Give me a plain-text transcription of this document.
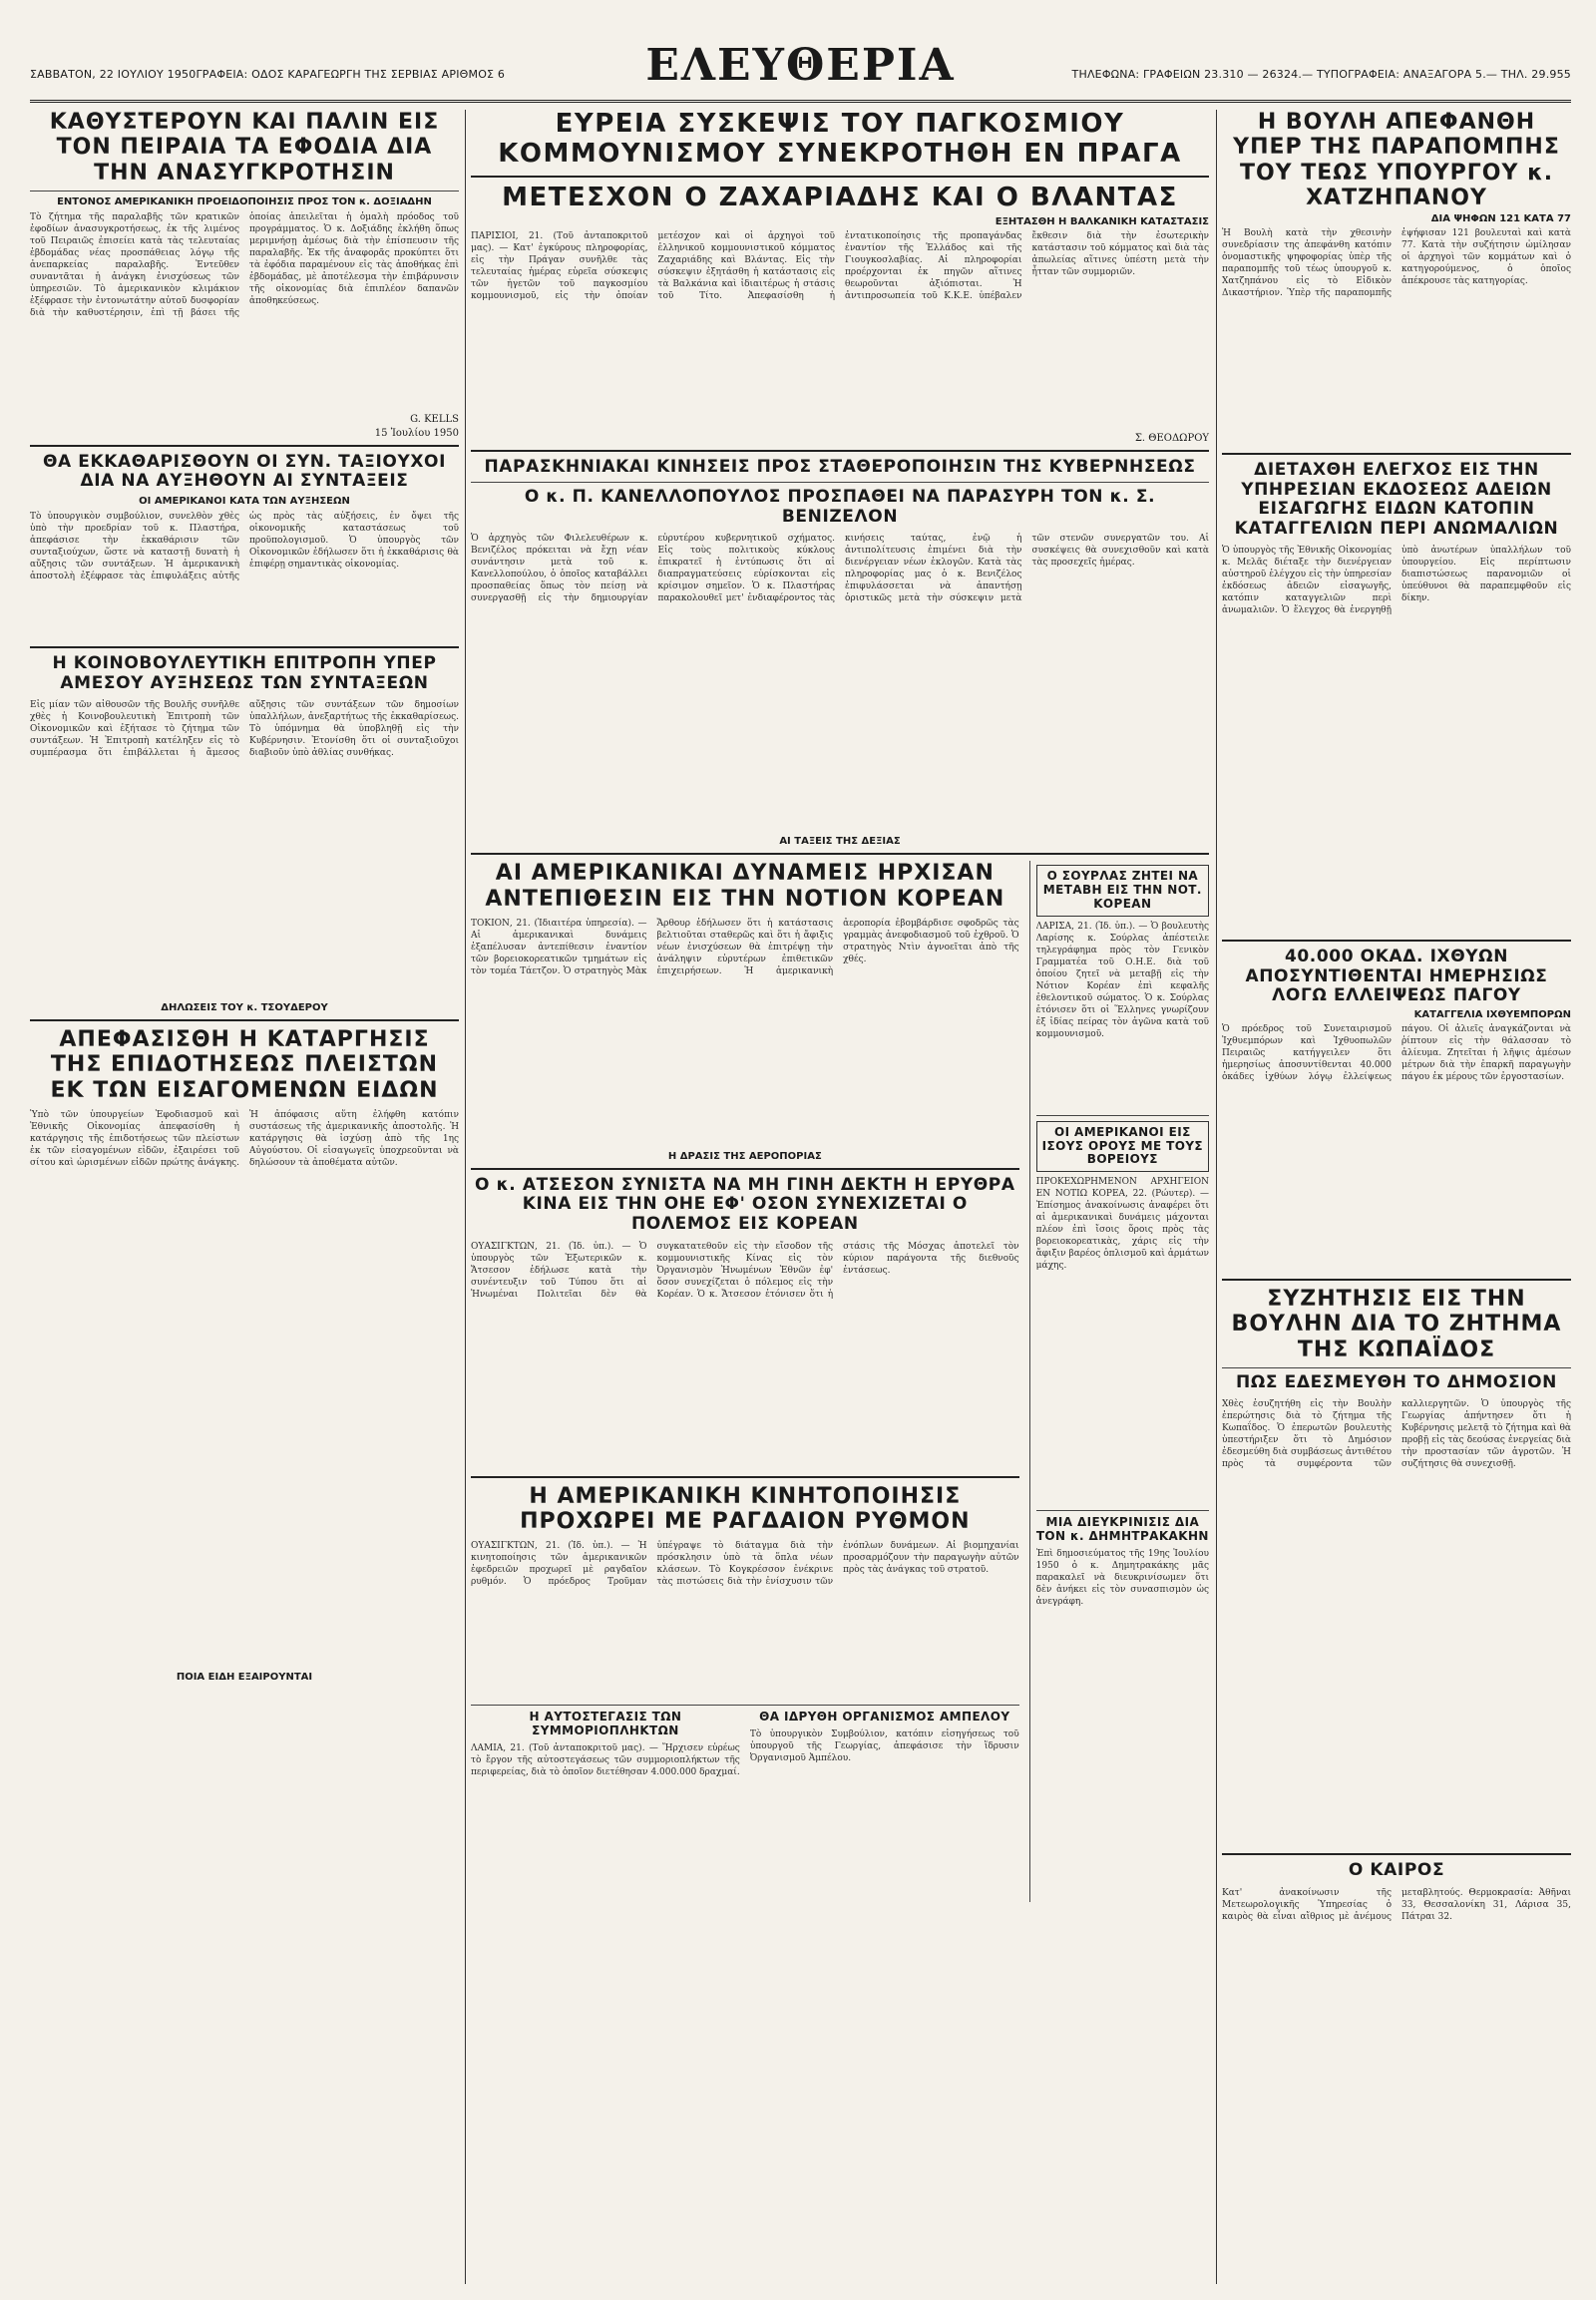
ΣΑΒΒΑΤΟΝ, 22 ΙΟΥΛΙΟΥ 1950ΓΡΑΦΕΙΑ: ΟΔΟΣ ΚΑΡΑΓΕΩΡΓΗ ΤΗΣ ΣΕΡΒΙΑΣ ΑΡΙΘΜΟΣ 6	ΕΛΕΥΘΕΡΙΑ	ΤΗΛΕΦΩΝΑ: ΓΡΑΦΕΙΩΝ 23.310 — 26324.— ΤΥΠΟΓΡΑΦΕΙΑ: ΑΝΑΞΑΓΟΡΑ 5.— ΤΗΛ. 29.955
ΚΑΘΥΣΤΕΡΟΥΝ ΚΑΙ ΠΑΛΙΝ ΕΙΣ ΤΟΝ ΠΕΙΡΑΙΑ ΤΑ ΕΦΟΔΙΑ ΔΙΑ ΤΗΝ ΑΝΑΣΥΓΚΡΟΤΗΣΙΝ
ΕΝΤΟΝΟΣ ΑΜΕΡΙΚΑΝΙΚΗ ΠΡΟΕΙΔΟΠΟΙΗΣΙΣ ΠΡΟΣ ΤΟΝ κ. ΔΟΞΙΑΔΗΝ
Τὸ ζήτημα τῆς παραλαβῆς τῶν κρατικῶν ἐφοδίων ἀνασυγκροτήσεως, ἐκ τῆς λιμένος τοῦ Πειραιῶς ἐπισείει κατὰ τὰς τελευταίας ἐβδομάδας νέας προσπάθειας λόγῳ τῆς ἀνεπαρκείας παραλαβῆς. Ἐντεῦθεν συναντᾶται ἡ ἀνάγκη ἐνισχύσεως τῶν ὑπηρεσιῶν. Τὸ ἀμερικανικὸν κλιμάκιον ἐξέφρασε τὴν ἐντονωτάτην αὐτοῦ δυσφορίαν διὰ τὴν καθυστέρησιν, ἐπὶ τῇ βάσει τῆς ὁποίας ἀπειλεῖται ἡ ὁμαλὴ πρόοδος τοῦ προγράμματος. Ὁ κ. Δοξιάδης ἐκλήθη ὅπως μεριμνήσῃ ἀμέσως διὰ τὴν ἐπίσπευσιν τῆς παραλαβῆς. Ἐκ τῆς ἀναφορᾶς προκύπτει ὅτι τὰ ἐφόδια παραμένουν εἰς τὰς ἀποθήκας ἐπὶ ἑβδομάδας, μὲ ἀποτέλεσμα τὴν ἐπιβάρυνσιν τῆς οἰκονομίας διὰ ἐπιπλέον δαπανῶν ἀποθηκεύσεως.
G. KELLS
15 Ἰουλίου 1950
ΘΑ ΕΚΚΑΘΑΡΙΣΘΟΥΝ ΟΙ ΣΥΝ. ΤΑΞΙΟΥΧΟΙ ΔΙΑ ΝΑ ΑΥΞΗΘΟΥΝ ΑΙ ΣΥΝΤΑΞΕΙΣ
ΟΙ ΑΜΕΡΙΚΑΝΟΙ ΚΑΤΑ ΤΩΝ ΑΥΞΗΣΕΩΝ
Τὸ ὑπουργικὸν συμβούλιον, συνελθὸν χθὲς ὑπὸ τὴν προεδρίαν τοῦ κ. Πλαστήρα, ἀπεφάσισε τὴν ἐκκαθάρισιν τῶν συνταξιούχων, ὥστε νὰ καταστῇ δυνατὴ ἡ αὔξησις τῶν συντάξεων. Ἡ ἀμερικανικὴ ἀποστολὴ ἐξέφρασε τὰς ἐπιφυλάξεις αὐτῆς ὡς πρὸς τὰς αὐξήσεις, ἐν ὄψει τῆς οἰκονομικῆς καταστάσεως τοῦ προϋπολογισμοῦ. Ὁ ὑπουργὸς τῶν Οἰκονομικῶν ἐδήλωσεν ὅτι ἡ ἐκκαθάρισις θὰ ἐπιφέρῃ σημαντικὰς οἰκονομίας.
Η ΚΟΙΝΟΒΟΥΛΕΥΤΙΚΗ ΕΠΙΤΡΟΠΗ ΥΠΕΡ ΑΜΕΣΟΥ ΑΥΞΗΣΕΩΣ ΤΩΝ ΣΥΝΤΑΞΕΩΝ
Εἰς μίαν τῶν αἰθουσῶν τῆς Βουλῆς συνῆλθε χθὲς ἡ Κοινοβουλευτικὴ Ἐπιτροπὴ τῶν Οἰκονομικῶν καὶ ἐξήτασε τὸ ζήτημα τῶν συντάξεων. Ἡ Ἐπιτροπὴ κατέληξεν εἰς τὸ συμπέρασμα ὅτι ἐπιβάλλεται ἡ ἄμεσος αὔξησις τῶν συντάξεων τῶν δημοσίων ὑπαλλήλων, ἀνεξαρτήτως τῆς ἐκκαθαρίσεως. Τὸ ὑπόμνημα θὰ ὑποβληθῇ εἰς τὴν Κυβέρνησιν. Ἐτονίσθη ὅτι οἱ συνταξιοῦχοι διαβιοῦν ὑπὸ ἀθλίας συνθήκας.
ΔΗΛΩΣΕΙΣ ΤΟΥ κ. ΤΣΟΥΔΕΡΟΥ
ΑΠΕΦΑΣΙΣΘΗ Η ΚΑΤΑΡΓΗΣΙΣ ΤΗΣ ΕΠΙΔΟΤΗΣΕΩΣ ΠΛΕΙΣΤΩΝ ΕΚ ΤΩΝ ΕΙΣΑΓΟΜΕΝΩΝ ΕΙΔΩΝ
Ὑπὸ τῶν ὑπουργείων Ἐφοδιασμοῦ καὶ Ἐθνικῆς Οἰκονομίας ἀπεφασίσθη ἡ κατάργησις τῆς ἐπιδοτήσεως τῶν πλείστων ἐκ τῶν εἰσαγομένων εἰδῶν, ἐξαιρέσει τοῦ σίτου καὶ ὡρισμένων εἰδῶν πρώτης ἀνάγκης. Ἡ ἀπόφασις αὕτη ἐλήφθη κατόπιν συστάσεως τῆς ἀμερικανικῆς ἀποστολῆς. Ἡ κατάργησις θὰ ἰσχύσῃ ἀπὸ τῆς 1ης Αὐγούστου. Οἱ εἰσαγωγεῖς ὑποχρεοῦνται νὰ δηλώσουν τὰ ἀποθέματα αὐτῶν.
ΠΟΙΑ ΕΙΔΗ ΕΞΑΙΡΟΥΝΤΑΙ
ΕΥΡΕΙΑ ΣΥΣΚΕΨΙΣ ΤΟΥ ΠΑΓΚΟΣΜΙΟΥ ΚΟΜΜΟΥΝΙΣΜΟΥ ΣΥΝΕΚΡΟΤΗΘΗ ΕΝ ΠΡΑΓΑ
ΜΕΤΕΣΧΟΝ Ο ΖΑΧΑΡΙΑΔΗΣ ΚΑΙ Ο ΒΛΑΝΤΑΣ
ΕΞΗΤΑΣΘΗ Η ΒΑΛΚΑΝΙΚΗ ΚΑΤΑΣΤΑΣΙΣ
ΠΑΡΙΣΙΟΙ, 21. (Τοῦ ἀνταποκριτοῦ μας). — Κατ' ἐγκύρους πληροφορίας, εἰς τὴν Πράγαν συνῆλθε τὰς τελευταίας ἡμέρας εὐρεῖα σύσκεψις τῶν ἡγετῶν τοῦ παγκοσμίου κομμουνισμοῦ, εἰς τὴν ὁποίαν μετέσχον καὶ οἱ ἀρχηγοὶ τοῦ ἑλληνικοῦ κομμουνιστικοῦ κόμματος Ζαχαριάδης καὶ Βλάντας. Εἰς τὴν σύσκεψιν ἐξητάσθη ἡ κατάστασις εἰς τὰ Βαλκάνια καὶ ἰδιαιτέρως ἡ στάσις τοῦ Τίτο. Ἀπεφασίσθη ἡ ἐντατικοποίησις τῆς προπαγάνδας ἐναντίον τῆς Ἑλλάδος καὶ τῆς Γιουγκοσλαβίας. Αἱ πληροφορίαι προέρχονται ἐκ πηγῶν αἵτινες θεωροῦνται ἀξιόπισται. Ἡ ἀντιπροσωπεία τοῦ Κ.Κ.Ε. ὑπέβαλεν ἔκθεσιν διὰ τὴν ἐσωτερικὴν κατάστασιν τοῦ κόμματος καὶ διὰ τὰς ἀπωλείας αἵτινες ὑπέστη μετὰ τὴν ἧτταν τῶν συμμοριῶν.
Σ. ΘΕΟΔΩΡΟΥ
ΠΑΡΑΣΚΗΝΙΑΚΑΙ ΚΙΝΗΣΕΙΣ ΠΡΟΣ ΣΤΑΘΕΡΟΠΟΙΗΣΙΝ ΤΗΣ ΚΥΒΕΡΝΗΣΕΩΣ
Ο κ. Π. ΚΑΝΕΛΛΟΠΟΥΛΟΣ ΠΡΟΣΠΑΘΕΙ ΝΑ ΠΑΡΑΣΥΡΗ ΤΟΝ κ. Σ. ΒΕΝΙΖΕΛΟΝ
Ὁ ἀρχηγὸς τῶν Φιλελευθέρων κ. Βενιζέλος πρόκειται νὰ ἔχῃ νέαν συνάντησιν μετὰ τοῦ κ. Κανελλοπούλου, ὁ ὁποῖος καταβάλλει προσπαθείας ὅπως τὸν πείσῃ νὰ συνεργασθῇ εἰς τὴν δημιουργίαν εὐρυτέρου κυβερνητικοῦ σχήματος. Εἰς τοὺς πολιτικοὺς κύκλους ἐπικρατεῖ ἡ ἐντύπωσις ὅτι αἱ διαπραγματεύσεις εὑρίσκονται εἰς κρίσιμον σημεῖον. Ὁ κ. Πλαστήρας παρακολουθεῖ μετ' ἐνδιαφέροντος τὰς κινήσεις ταύτας, ἐνῷ ἡ ἀντιπολίτευσις ἐπιμένει διὰ τὴν διενέργειαν νέων ἐκλογῶν. Κατὰ τὰς πληροφορίας μας ὁ κ. Βενιζέλος ἐπιφυλάσσεται νὰ ἀπαντήσῃ ὁριστικῶς μετὰ τὴν σύσκεψιν μετὰ τῶν στενῶν συνεργατῶν του. Αἱ συσκέψεις θὰ συνεχισθοῦν καὶ κατὰ τὰς προσεχεῖς ἡμέρας.
ΑΙ ΤΑΞΕΙΣ ΤΗΣ ΔΕΞΙΑΣ
ΑΙ ΑΜΕΡΙΚΑΝΙΚΑΙ ΔΥΝΑΜΕΙΣ ΗΡΧΙΣΑΝ ΑΝΤΕΠΙΘΕΣΙΝ ΕΙΣ ΤΗΝ ΝΟΤΙΟΝ ΚΟΡΕΑΝ
ΤΟΚΙΟΝ, 21. (Ἰδιαιτέρα ὑπηρεσία). — Αἱ ἀμερικανικαὶ δυνάμεις ἐξαπέλυσαν ἀντεπίθεσιν ἐναντίον τῶν βορειοκορεατικῶν τμημάτων εἰς τὸν τομέα Τάετζον. Ὁ στρατηγὸς Μὰκ Ἄρθουρ ἐδήλωσεν ὅτι ἡ κατάστασις βελτιοῦται σταθερῶς καὶ ὅτι ἡ ἄφιξις νέων ἐνισχύσεων θὰ ἐπιτρέψῃ τὴν ἀνάληψιν εὐρυτέρων ἐπιθετικῶν ἐπιχειρήσεων. Ἡ ἀμερικανικὴ ἀεροπορία ἐβομβάρδισε σφοδρῶς τὰς γραμμὰς ἀνεφοδιασμοῦ τοῦ ἐχθροῦ. Ὁ στρατηγὸς Ντὶν ἀγνοεῖται ἀπὸ τῆς χθές.
Η ΔΡΑΣΙΣ ΤΗΣ ΑΕΡΟΠΟΡΙΑΣ
Ο κ. ΑΤΣΕΣΟΝ ΣΥΝΙΣΤΑ ΝΑ ΜΗ ΓΙΝΗ ΔΕΚΤΗ Η ΕΡΥΘΡΑ ΚΙΝΑ ΕΙΣ ΤΗΝ ΟΗΕ ΕΦ' ΟΣΟΝ ΣΥΝΕΧΙΖΕΤΑΙ Ο ΠΟΛΕΜΟΣ ΕΙΣ ΚΟΡΕΑΝ
ΟΥΑΣΙΓΚΤΩΝ, 21. (Ἰδ. ὑπ.). — Ὁ ὑπουργὸς τῶν Ἐξωτερικῶν κ. Ἄτσεσον ἐδήλωσε κατὰ τὴν συνέντευξιν τοῦ Τύπου ὅτι αἱ Ἡνωμέναι Πολιτεῖαι δὲν θὰ συγκατατεθοῦν εἰς τὴν εἴσοδον τῆς κομμουνιστικῆς Κίνας εἰς τὸν Ὀργανισμὸν Ἡνωμένων Ἐθνῶν ἐφ' ὅσον συνεχίζεται ὁ πόλεμος εἰς τὴν Κορέαν. Ὁ κ. Ἄτσεσον ἐτόνισεν ὅτι ἡ στάσις τῆς Μόσχας ἀποτελεῖ τὸν κύριον παράγοντα τῆς διεθνοῦς ἐντάσεως.
Η ΑΜΕΡΙΚΑΝΙΚΗ ΚΙΝΗΤΟΠΟΙΗΣΙΣ ΠΡΟΧΩΡΕΙ ΜΕ ΡΑΓΔΑΙΟΝ ΡΥΘΜΟΝ
ΟΥΑΣΙΓΚΤΩΝ, 21. (Ἰδ. ὑπ.). — Ἡ κινητοποίησις τῶν ἀμερικανικῶν ἐφεδρειῶν προχωρεῖ μὲ ραγδαῖον ρυθμόν. Ὁ πρόεδρος Τροῦμαν ὑπέγραψε τὸ διάταγμα διὰ τὴν πρόσκλησιν ὑπὸ τὰ ὅπλα νέων κλάσεων. Τὸ Κογκρέσσον ἐνέκρινε τὰς πιστώσεις διὰ τὴν ἐνίσχυσιν τῶν ἐνόπλων δυνάμεων. Αἱ βιομηχανίαι προσαρμόζουν τὴν παραγωγὴν αὐτῶν πρὸς τὰς ἀνάγκας τοῦ στρατοῦ.
Η ΑΥΤΟΣΤΕΓΑΣΙΣ ΤΩΝ ΣΥΜΜΟΡΙΟΠΛΗΚΤΩΝ
ΛΑΜΙΑ, 21. (Τοῦ ἀνταποκριτοῦ μας). — Ἤρχισεν εὐρέως τὸ ἔργον τῆς αὐτοστεγάσεως τῶν συμμοριοπλήκτων τῆς περιφερείας, διὰ τὸ ὁποῖον διετέθησαν 4.000.000 δραχμαί.
ΘΑ ΙΔΡΥΘΗ ΟΡΓΑΝΙΣΜΟΣ ΑΜΠΕΛΟΥ
Τὸ ὑπουργικὸν Συμβούλιον, κατόπιν εἰσηγήσεως τοῦ ὑπουργοῦ τῆς Γεωργίας, ἀπεφάσισε τὴν ἵδρυσιν Ὀργανισμοῦ Ἀμπέλου.
Ο ΣΟΥΡΛΑΣ ΖΗΤΕΙ ΝΑ ΜΕΤΑΒΗ ΕΙΣ ΤΗΝ ΝΟΤ. ΚΟΡΕΑΝ
ΛΑΡΙΣΑ, 21. (Ἰδ. ὑπ.). — Ὁ βουλευτὴς Λαρίσης κ. Σούρλας ἀπέστειλε τηλεγράφημα πρὸς τὸν Γενικὸν Γραμματέα τοῦ Ο.Η.Ε. διὰ τοῦ ὁποίου ζητεῖ νὰ μεταβῇ εἰς τὴν Νότιον Κορέαν ἐπὶ κεφαλῆς ἐθελοντικοῦ σώματος. Ὁ κ. Σούρλας ἐτόνισεν ὅτι οἱ Ἕλληνες γνωρίζουν ἐξ ἰδίας πείρας τὸν ἀγῶνα κατὰ τοῦ κομμουνισμοῦ.
ΟΙ ΑΜΕΡΙΚΑΝΟΙ ΕΙΣ ΙΣΟΥΣ ΟΡΟΥΣ ΜΕ ΤΟΥΣ ΒΟΡΕΙΟΥΣ
ΠΡΟΚΕΧΩΡΗΜΕΝΟΝ ΑΡΧΗΓΕΙΟΝ ΕΝ ΝΟΤΙΩ ΚΟΡΕΑ, 22. (Ρώυτερ). — Ἐπίσημος ἀνακοίνωσις ἀναφέρει ὅτι αἱ ἀμερικανικαὶ δυνάμεις μάχονται πλέον ἐπὶ ἴσοις ὅροις πρὸς τὰς βορειοκορεατικὰς, χάρις εἰς τὴν ἄφιξιν βαρέος ὁπλισμοῦ καὶ ἀρμάτων μάχης.
ΜΙΑ ΔΙΕΥΚΡΙΝΙΣΙΣ ΔΙΑ ΤΟΝ κ. ΔΗΜΗΤΡΑΚΑΚΗΝ
Ἐπὶ δημοσιεύματος τῆς 19ης Ἰουλίου 1950 ὁ κ. Δημητρακάκης μᾶς παρακαλεῖ νὰ διευκρινίσωμεν ὅτι δὲν ἀνήκει εἰς τὸν συνασπισμὸν ὡς ἀνεγράφη.
Η ΒΟΥΛΗ ΑΠΕΦΑΝΘΗ ΥΠΕΡ ΤΗΣ ΠΑΡΑΠΟΜΠΗΣ ΤΟΥ ΤΕΩΣ ΥΠΟΥΡΓΟΥ κ. ΧΑΤΖΗΠΑΝΟΥ
ΔΙΑ ΨΗΦΩΝ 121 ΚΑΤΑ 77
Ἡ Βουλὴ κατὰ τὴν χθεσινὴν συνεδρίασιν της ἀπεφάνθη κατόπιν ὀνομαστικῆς ψηφοφορίας ὑπὲρ τῆς παραπομπῆς τοῦ τέως ὑπουργοῦ κ. Χατζηπάνου εἰς τὸ Εἰδικὸν Δικαστήριον. Ὑπὲρ τῆς παραπομπῆς ἐψήφισαν 121 βουλευταὶ καὶ κατὰ 77. Κατὰ τὴν συζήτησιν ὡμίλησαν οἱ ἀρχηγοὶ τῶν κομμάτων καὶ ὁ κατηγορούμενος, ὁ ὁποῖος ἀπέκρουσε τὰς κατηγορίας.
ΔΙΕΤΑΧΘΗ ΕΛΕΓΧΟΣ ΕΙΣ ΤΗΝ ΥΠΗΡΕΣΙΑΝ ΕΚΔΟΣΕΩΣ ΑΔΕΙΩΝ ΕΙΣΑΓΩΓΗΣ ΕΙΔΩΝ ΚΑΤΟΠΙΝ ΚΑΤΑΓΓΕΛΙΩΝ ΠΕΡΙ ΑΝΩΜΑΛΙΩΝ
Ὁ ὑπουργὸς τῆς Ἐθνικῆς Οἰκονομίας κ. Μελᾶς διέταξε τὴν διενέργειαν αὐστηροῦ ἐλέγχου εἰς τὴν ὑπηρεσίαν ἐκδόσεως ἀδειῶν εἰσαγωγῆς, κατόπιν καταγγελιῶν περὶ ἀνωμαλιῶν. Ὁ ἔλεγχος θὰ ἐνεργηθῇ ὑπὸ ἀνωτέρων ὑπαλλήλων τοῦ ὑπουργείου. Εἰς περίπτωσιν διαπιστώσεως παρανομιῶν οἱ ὑπεύθυνοι θὰ παραπεμφθοῦν εἰς δίκην.
40.000 ΟΚΑΔ. ΙΧΘΥΩΝ ΑΠΟΣΥΝΤΙΘΕΝΤΑΙ ΗΜΕΡΗΣΙΩΣ ΛΟΓΩ ΕΛΛΕΙΨΕΩΣ ΠΑΓΟΥ
ΚΑΤΑΓΓΕΛΙΑ ΙΧΘΥΕΜΠΟΡΩΝ
Ὁ πρόεδρος τοῦ Συνεταιρισμοῦ Ἰχθυεμπόρων καὶ Ἰχθυοπωλῶν Πειραιῶς κατήγγειλεν ὅτι ἡμερησίως ἀποσυντίθενται 40.000 ὀκάδες ἰχθύων λόγῳ ἐλλείψεως πάγου. Οἱ ἁλιεῖς ἀναγκάζονται νὰ ῥίπτουν εἰς τὴν θάλασσαν τὸ ἀλίευμα. Ζητεῖται ἡ λῆψις ἀμέσων μέτρων διὰ τὴν ἐπαρκῆ παραγωγὴν πάγου ἐκ μέρους τῶν ἐργοστασίων.
ΣΥΖΗΤΗΣΙΣ ΕΙΣ ΤΗΝ ΒΟΥΛΗΝ ΔΙΑ ΤΟ ΖΗΤΗΜΑ ΤΗΣ ΚΩΠΑΪΔΟΣ
ΠΩΣ ΕΔΕΣΜΕΥΘΗ ΤΟ ΔΗΜΟΣΙΟΝ
Χθὲς ἐσυζητήθη εἰς τὴν Βουλὴν ἐπερώτησις διὰ τὸ ζήτημα τῆς Κωπαΐδος. Ὁ ἐπερωτῶν βουλευτὴς ὑπεστήριξεν ὅτι τὸ Δημόσιον ἐδεσμεύθη διὰ συμβάσεως ἀντιθέτου πρὸς τὰ συμφέροντα τῶν καλλιεργητῶν. Ὁ ὑπουργὸς τῆς Γεωργίας ἀπήντησεν ὅτι ἡ Κυβέρνησις μελετᾷ τὸ ζήτημα καὶ θὰ προβῇ εἰς τὰς δεούσας ἐνεργείας διὰ τὴν προστασίαν τῶν ἀγροτῶν. Ἡ συζήτησις θὰ συνεχισθῇ.
Ο ΚΑΙΡΟΣ
Κατ' ἀνακοίνωσιν τῆς Μετεωρολογικῆς Ὑπηρεσίας ὁ καιρὸς θὰ εἶναι αἴθριος μὲ ἀνέμους μεταβλητούς. Θερμοκρασία: Ἀθῆναι 33, Θεσσαλονίκη 31, Λάρισα 35, Πάτραι 32.
